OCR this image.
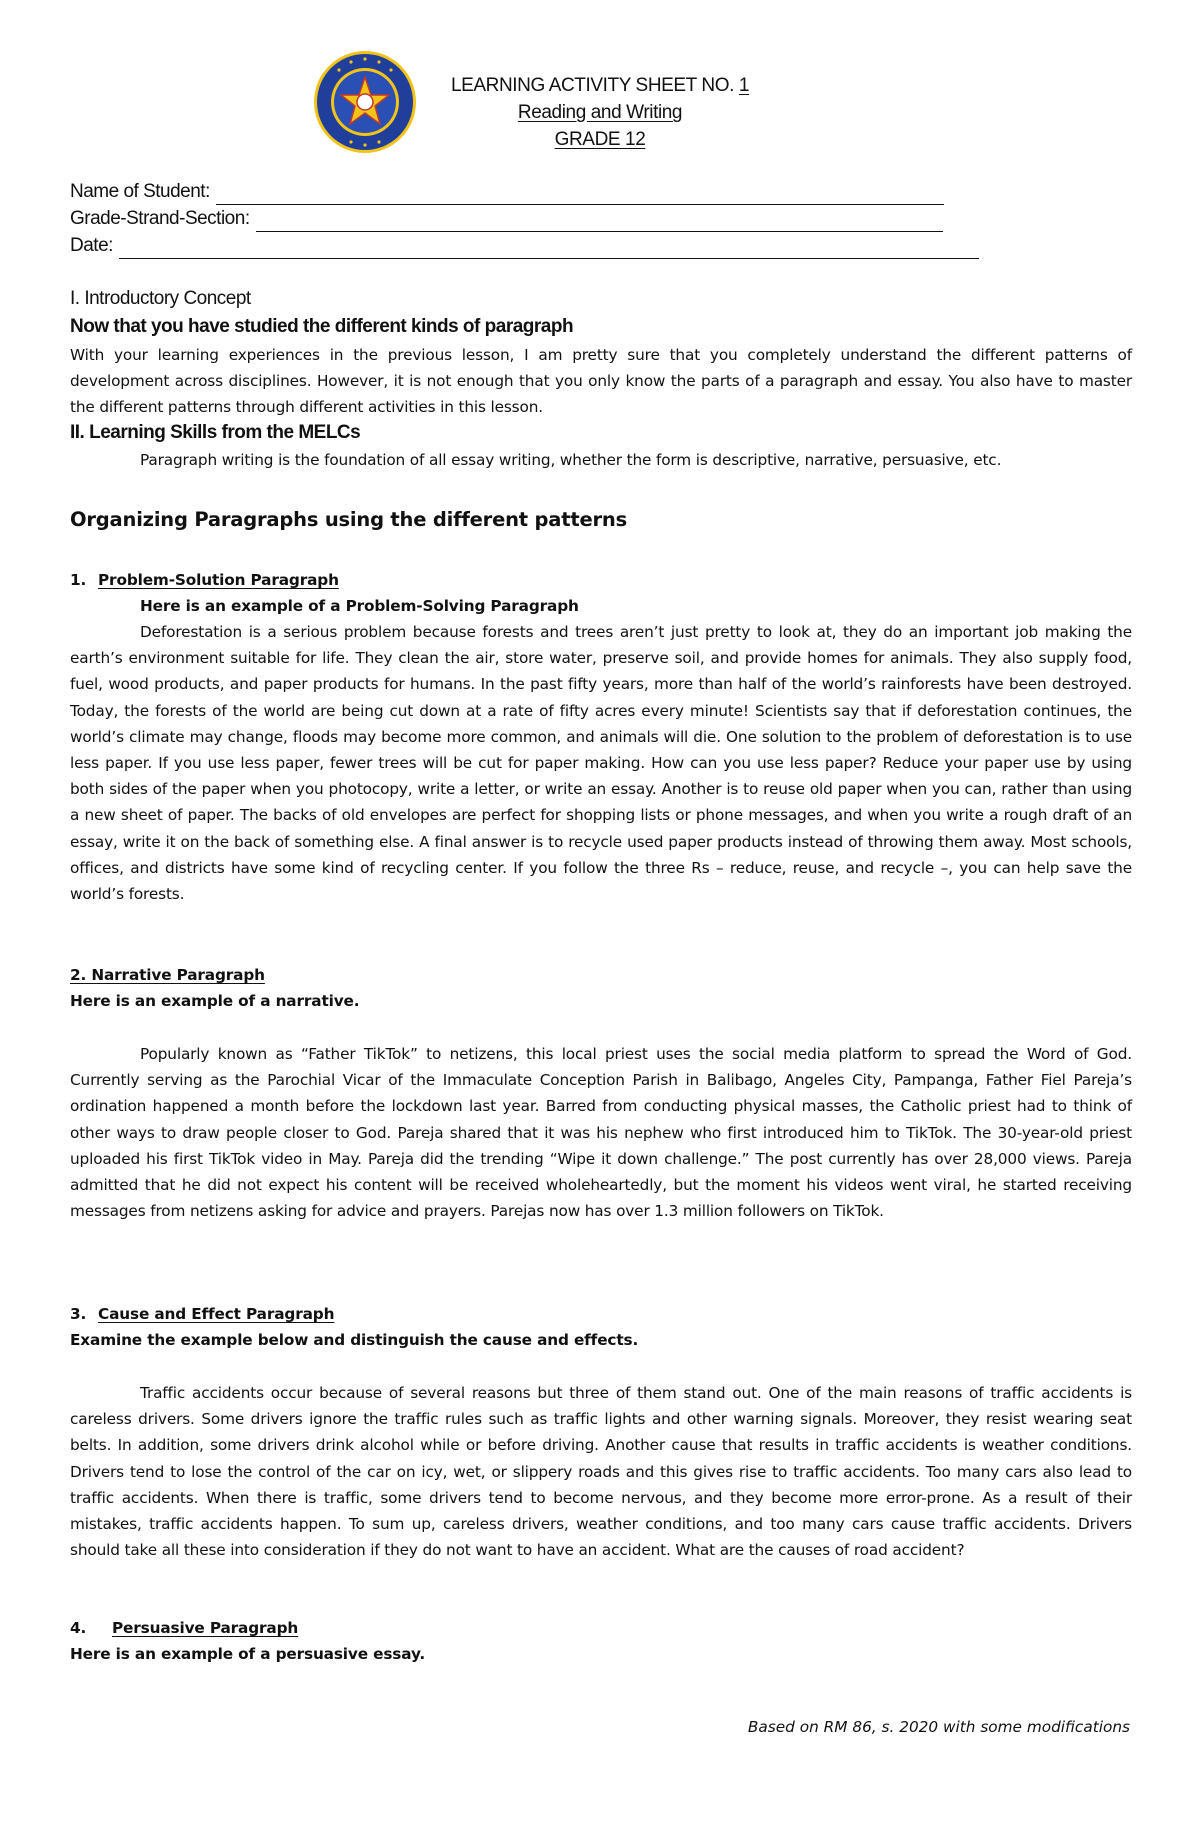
LEARNING ACTIVITY SHEET NO. 1
Reading and Writing
GRADE 12
Name of Student:
Grade-Strand-Section:
Date:
I. Introductory Concept
Now that you have studied the different kinds of paragraph
With your learning experiences in the previous lesson, I am pretty sure that you completely understand the different patterns of development across disciplines. However, it is not enough that you only know the parts of a paragraph and essay. You also have to master the different patterns through different activities in this lesson.
II. Learning Skills from the MELCs
Paragraph writing is the foundation of all essay writing, whether the form is descriptive, narrative, persuasive, etc.
Organizing Paragraphs using the different patterns
1. Problem-Solution Paragraph
Here is an example of a Problem-Solving Paragraph
Deforestation is a serious problem because forests and trees aren’t just pretty to look at, they do an important job making the earth’s environment suitable for life. They clean the air, store water, preserve soil, and provide homes for animals. They also supply food, fuel, wood products, and paper products for humans. In the past fifty years, more than half of the world’s rainforests have been destroyed. Today, the forests of the world are being cut down at a rate of fifty acres every minute! Scientists say that if deforestation continues, the world’s climate may change, floods may become more common, and animals will die. One solution to the problem of deforestation is to use less paper. If you use less paper, fewer trees will be cut for paper making. How can you use less paper? Reduce your paper use by using both sides of the paper when you photocopy, write a letter, or write an essay. Another is to reuse old paper when you can, rather than using a new sheet of paper. The backs of old envelopes are perfect for shopping lists or phone messages, and when you write a rough draft of an essay, write it on the back of something else. A final answer is to recycle used paper products instead of throwing them away. Most schools, offices, and districts have some kind of recycling center. If you follow the three Rs – reduce, reuse, and recycle –, you can help save the world’s forests.
2. Narrative Paragraph
Here is an example of a narrative.
Popularly known as “Father TikTok” to netizens, this local priest uses the social media platform to spread the Word of God. Currently serving as the Parochial Vicar of the Immaculate Conception Parish in Balibago, Angeles City, Pampanga, Father Fiel Pareja’s ordination happened a month before the lockdown last year. Barred from conducting physical masses, the Catholic priest had to think of other ways to draw people closer to God. Pareja shared that it was his nephew who first introduced him to TikTok. The 30-year-old priest uploaded his first TikTok video in May. Pareja did the trending “Wipe it down challenge.” The post currently has over 28,000 views. Pareja admitted that he did not expect his content will be received wholeheartedly, but the moment his videos went viral, he started receiving messages from netizens asking for advice and prayers. Parejas now has over 1.3 million followers on TikTok.
3. Cause and Effect Paragraph
Examine the example below and distinguish the cause and effects.
Traffic accidents occur because of several reasons but three of them stand out. One of the main reasons of traffic accidents is careless drivers. Some drivers ignore the traffic rules such as traffic lights and other warning signals. Moreover, they resist wearing seat belts. In addition, some drivers drink alcohol while or before driving. Another cause that results in traffic accidents is weather conditions. Drivers tend to lose the control of the car on icy, wet, or slippery roads and this gives rise to traffic accidents. Too many cars also lead to traffic accidents. When there is traffic, some drivers tend to become nervous, and they become more error-prone. As a result of their mistakes, traffic accidents happen. To sum up, careless drivers, weather conditions, and too many cars cause traffic accidents. Drivers should take all these into consideration if they do not want to have an accident. What are the causes of road accident?
4. Persuasive Paragraph
Here is an example of a persuasive essay.
Based on RM 86, s. 2020 with some modifications
